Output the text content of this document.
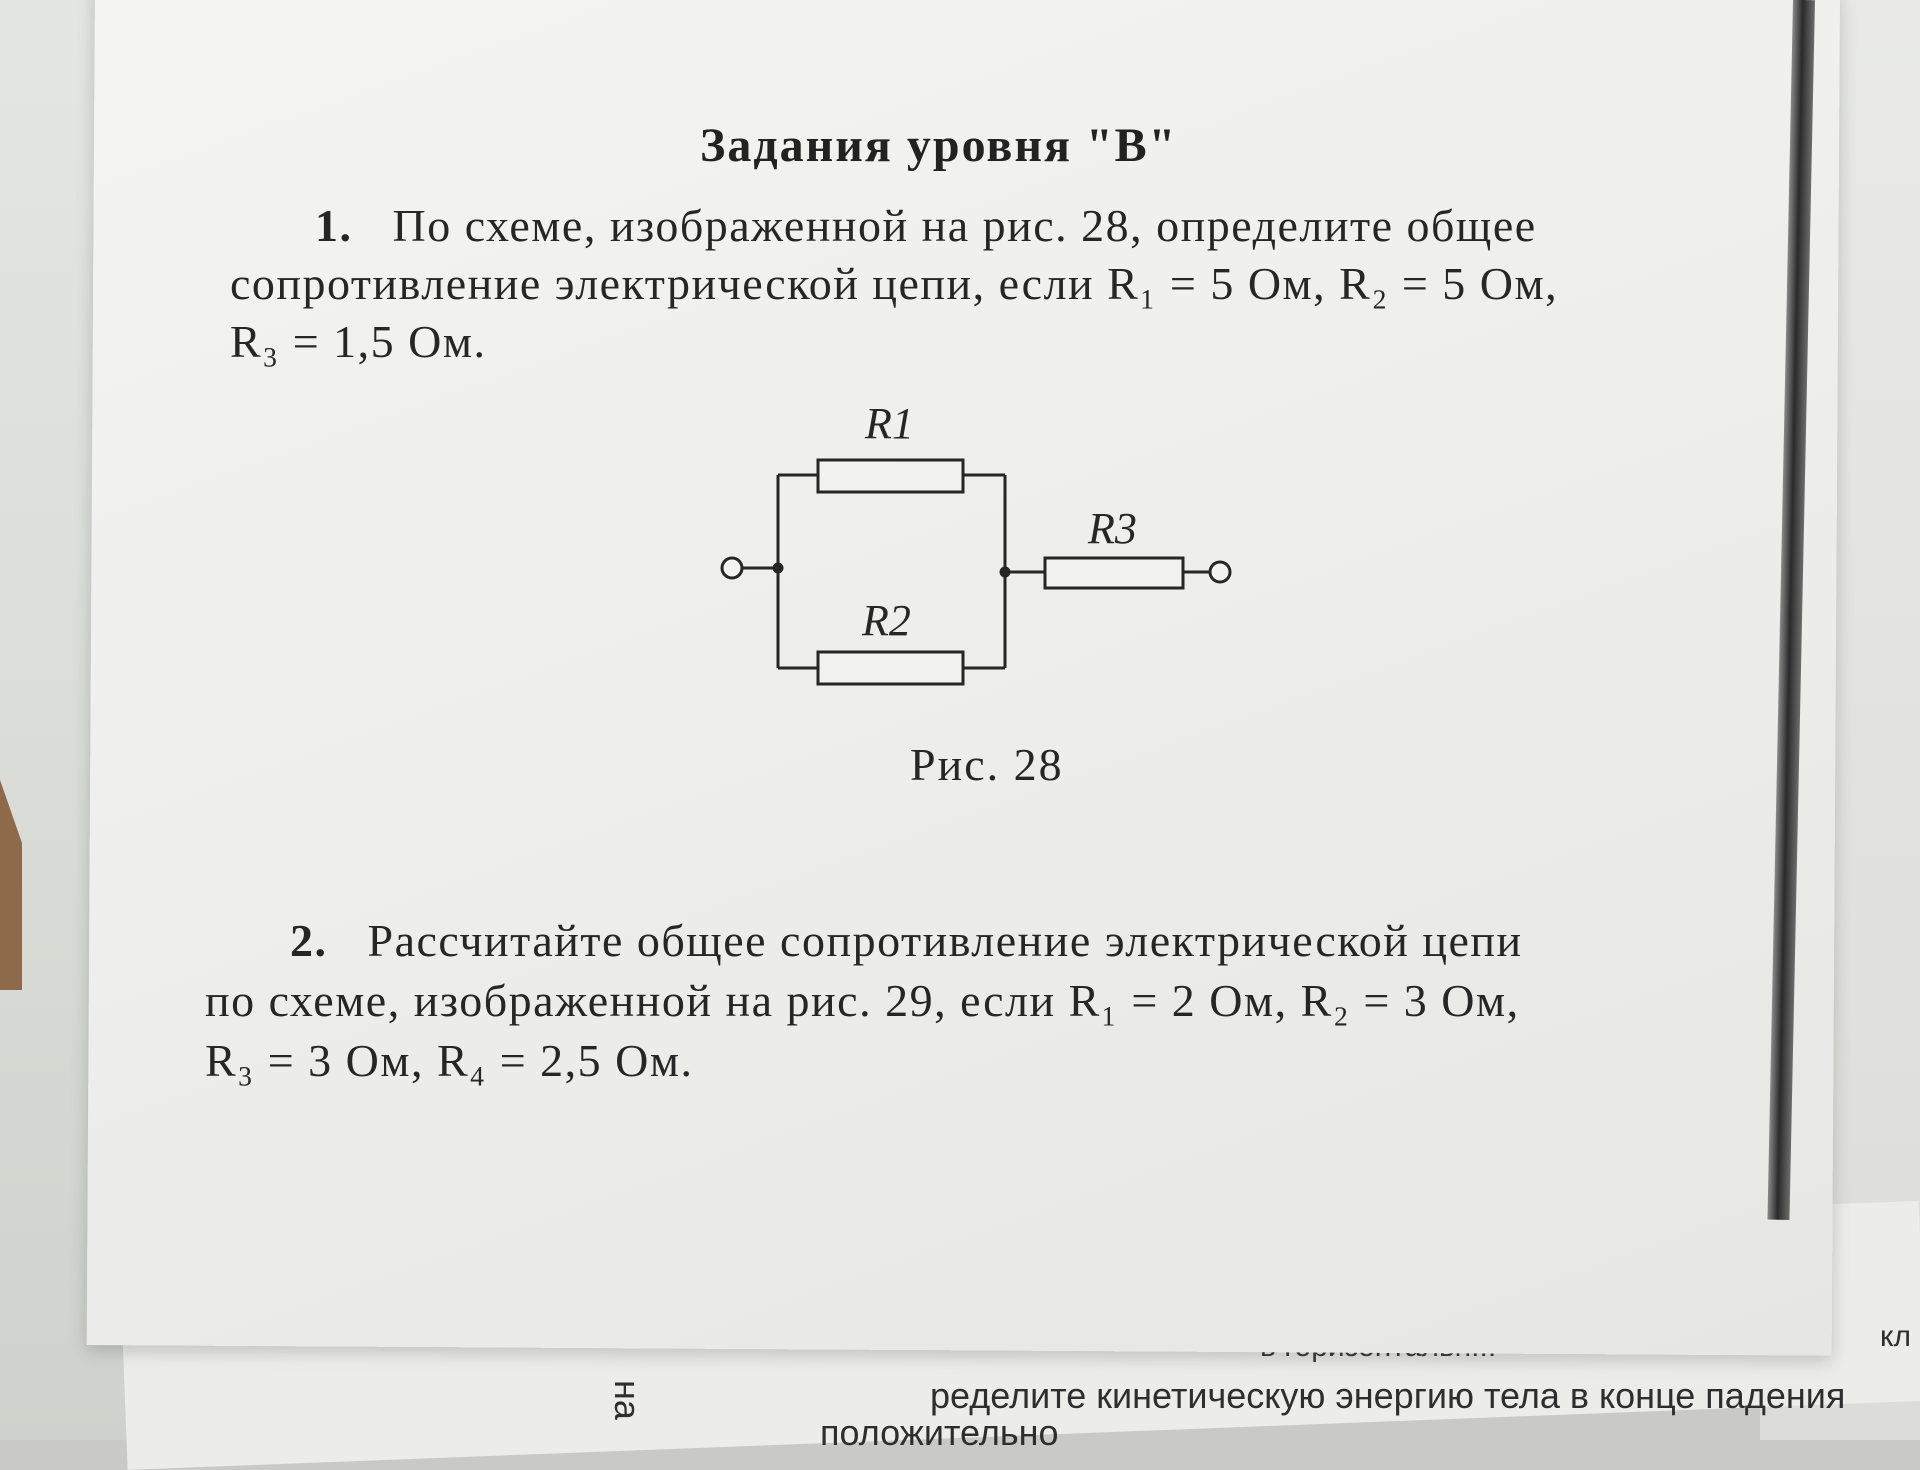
кл
ределите кинетическую энергию тела в конце падения
положительно
на
Задания уровня "В"
1. По схеме, изображенной на рис. 28, определите общее
сопротивление электрической цепи, если R₁ = 5 Ом, R₂ = 5 Ом,
R₃ = 1,5 Ом.
R1
R3
R2
Рис. 28
2. Рассчитайте общее сопротивление электрической цепи
по схеме, изображенной на рис. 29, если R₁ = 2 Ом, R₂ = 3 Ом,
R₃ = 3 Ом, R₄ = 2,5 Ом.
